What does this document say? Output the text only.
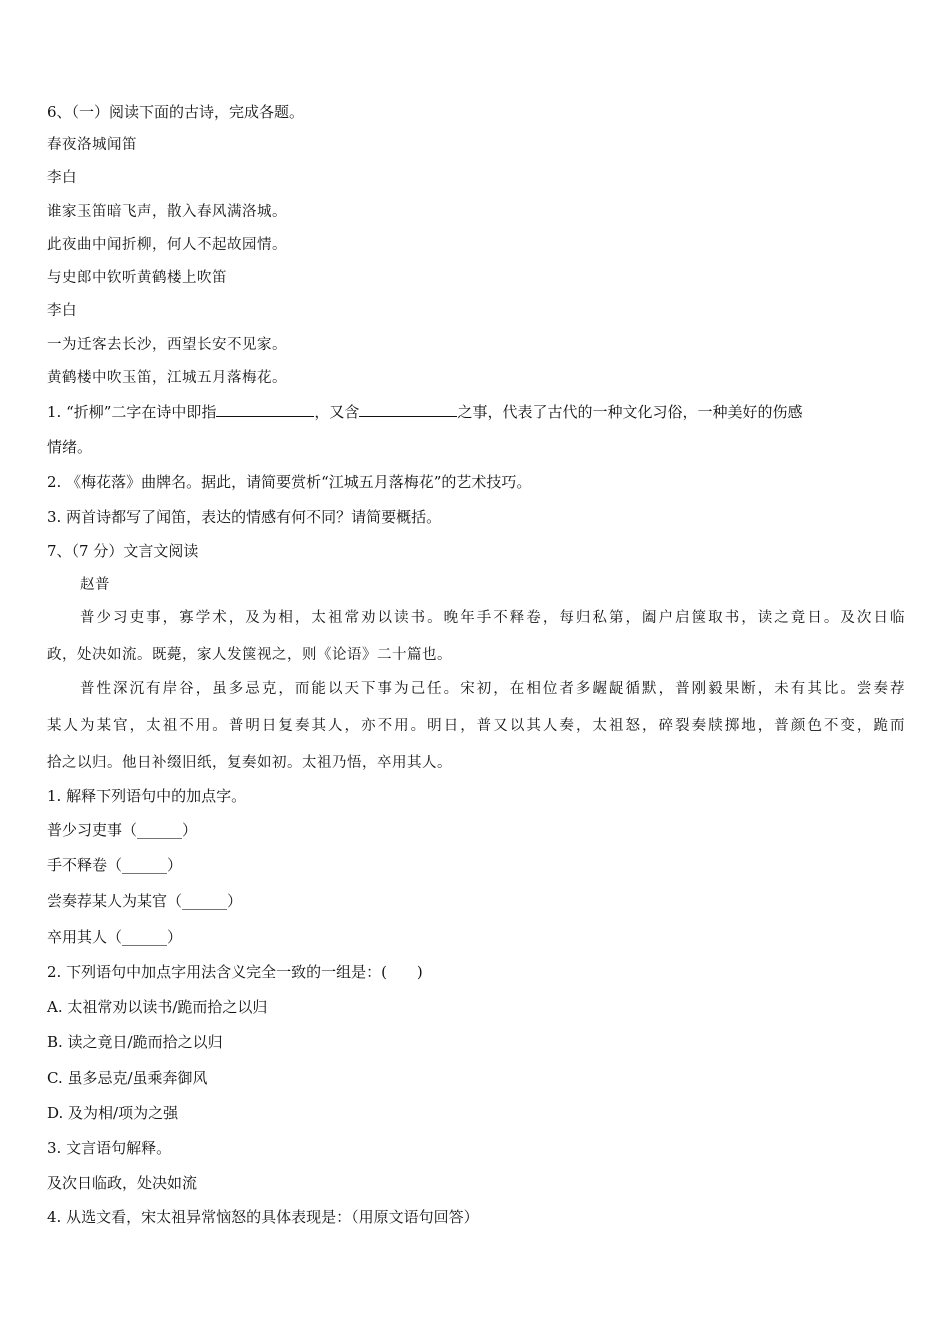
6、（一）阅读下面的古诗，完成各题。
春夜洛城闻笛
李白
谁家玉笛暗飞声，散入春风满洛城。
此夜曲中闻折柳，何人不起故园情。
与史郎中钦听黄鹤楼上吹笛
李白
一为迁客去长沙，西望长安不见家。
黄鹤楼中吹玉笛，江城五月落梅花。
1. “折柳”二字在诗中即指	，又含	之事，代表了古代的一种文化习俗，一种美好的伤感
情绪。
2. 《梅花落》曲牌名。据此，请简要赏析“江城五月落梅花”的艺术技巧。
3. 两首诗都写了闻笛，表达的情感有何不同？请简要概括。
7、（7 分）文言文阅读
赵普
普少习吏事，寡学术，及为相，太祖常劝以读书。晚年手不释卷，每归私第，阖户启箧取书，读之竟日。及次日临
政，处决如流。既薨，家人发箧视之，则《论语》二十篇也。
普性深沉有岸谷，虽多忌克，而能以天下事为己任。宋初，在相位者多龌龊循默，普刚毅果断，未有其比。尝奏荐
某人为某官，太祖不用。普明日复奏其人，亦不用。明日，普又以其人奏，太祖怒，碎裂奏牍掷地，普颜色不变，跪而
拾之以归。他日补缀旧纸，复奏如初。太祖乃悟，卒用其人。
1. 解释下列语句中的加点字。
普少习吏事（______）
手不释卷（______）
尝奏荐某人为某官（______）
卒用其人（______）
2. 下列语句中加点字用法含义完全一致的一组是：(　　)
A. 太祖常劝以读书/跪而拾之以归
B. 读之竟日/跪而拾之以归
C. 虽多忌克/虽乘奔御风
D. 及为相/项为之强
3. 文言语句解释。
及次日临政，处决如流
4. 从选文看，宋太祖异常恼怒的具体表现是：（用原文语句回答）
